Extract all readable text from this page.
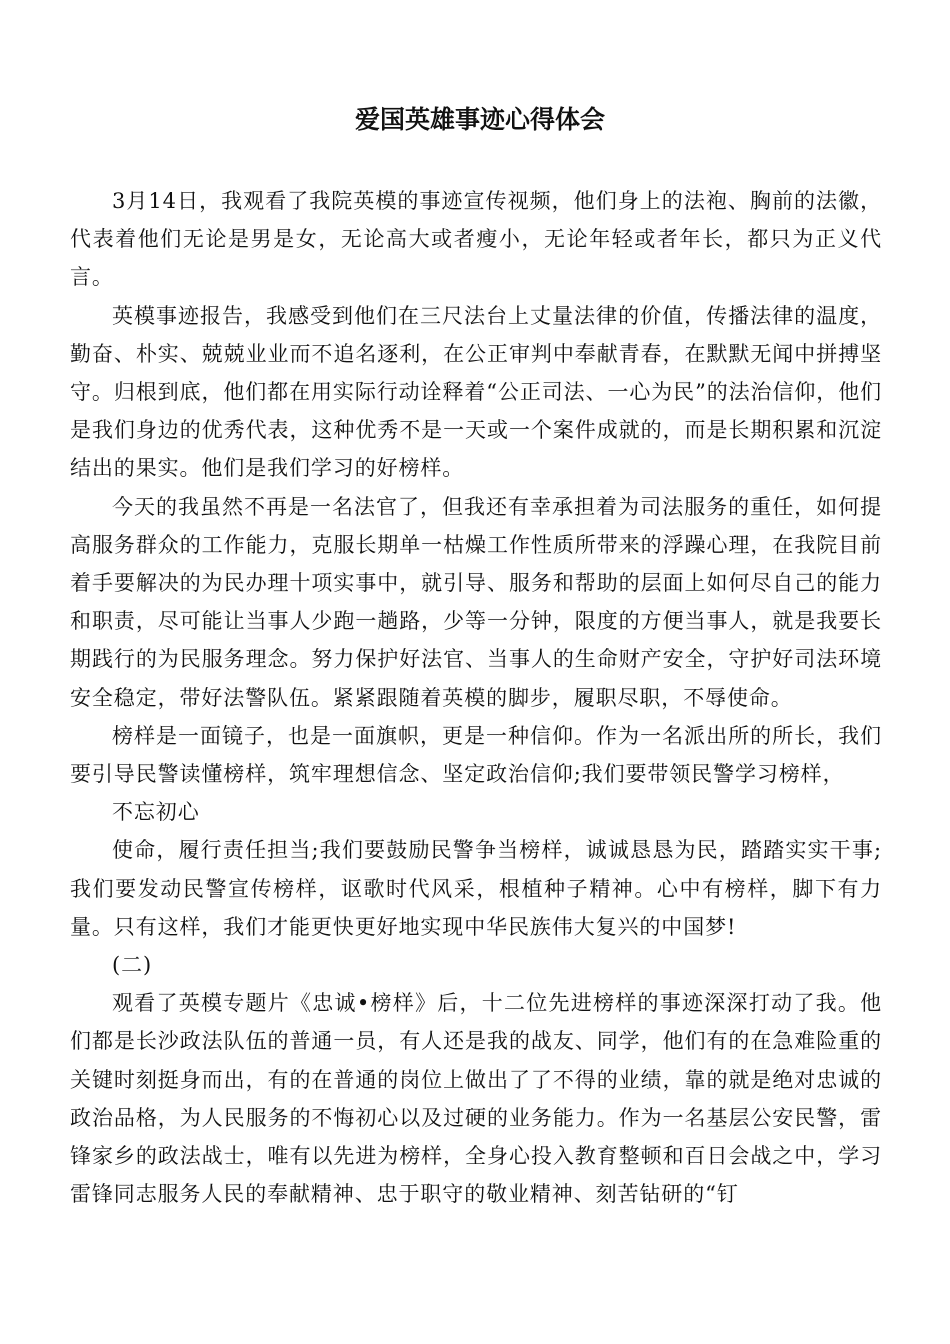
爱国英雄事迹心得体会

3月14日，我观看了我院英模的事迹宣传视频，他们身上的法袍、胸前的法徽，代表着他们无论是男是女，无论高大或者瘦小，无论年轻或者年长，都只为正义代言。

英模事迹报告，我感受到他们在三尺法台上丈量法律的价值，传播法律的温度，勤奋、朴实、兢兢业业而不追名逐利，在公正审判中奉献青春，在默默无闻中拼搏坚守。归根到底，他们都在用实际行动诠释着“公正司法、一心为民”的法治信仰，他们是我们身边的优秀代表，这种优秀不是一天或一个案件成就的，而是长期积累和沉淀结出的果实。他们是我们学习的好榜样。

今天的我虽然不再是一名法官了，但我还有幸承担着为司法服务的重任，如何提高服务群众的工作能力，克服长期单一枯燥工作性质所带来的浮躁心理，在我院目前着手要解决的为民办理十项实事中，就引导、服务和帮助的层面上如何尽自己的能力和职责，尽可能让当事人少跑一趟路，少等一分钟，限度的方便当事人，就是我要长期践行的为民服务理念。努力保护好法官、当事人的生命财产安全，守护好司法环境安全稳定，带好法警队伍。紧紧跟随着英模的脚步，履职尽职，不辱使命。

榜样是一面镜子，也是一面旗帜，更是一种信仰。作为一名派出所的所长，我们要引导民警读懂榜样，筑牢理想信念、坚定政治信仰;我们要带领民警学习榜样，

不忘初心

使命，履行责任担当;我们要鼓励民警争当榜样，诚诚恳恳为民，踏踏实实干事;我们要发动民警宣传榜样，讴歌时代风采，根植种子精神。心中有榜样，脚下有力量。只有这样，我们才能更快更好地实现中华民族伟大复兴的中国梦!

(二)

观看了英模专题片《忠诚•榜样》后，十二位先进榜样的事迹深深打动了我。他们都是长沙政法队伍的普通一员，有人还是我的战友、同学，他们有的在急难险重的关键时刻挺身而出，有的在普通的岗位上做出了了不得的业绩，靠的就是绝对忠诚的政治品格，为人民服务的不悔初心以及过硬的业务能力。作为一名基层公安民警，雷锋家乡的政法战士，唯有以先进为榜样，全身心投入教育整顿和百日会战之中，学习雷锋同志服务人民的奉献精神、忠于职守的敬业精神、刻苦钻研的“钉
